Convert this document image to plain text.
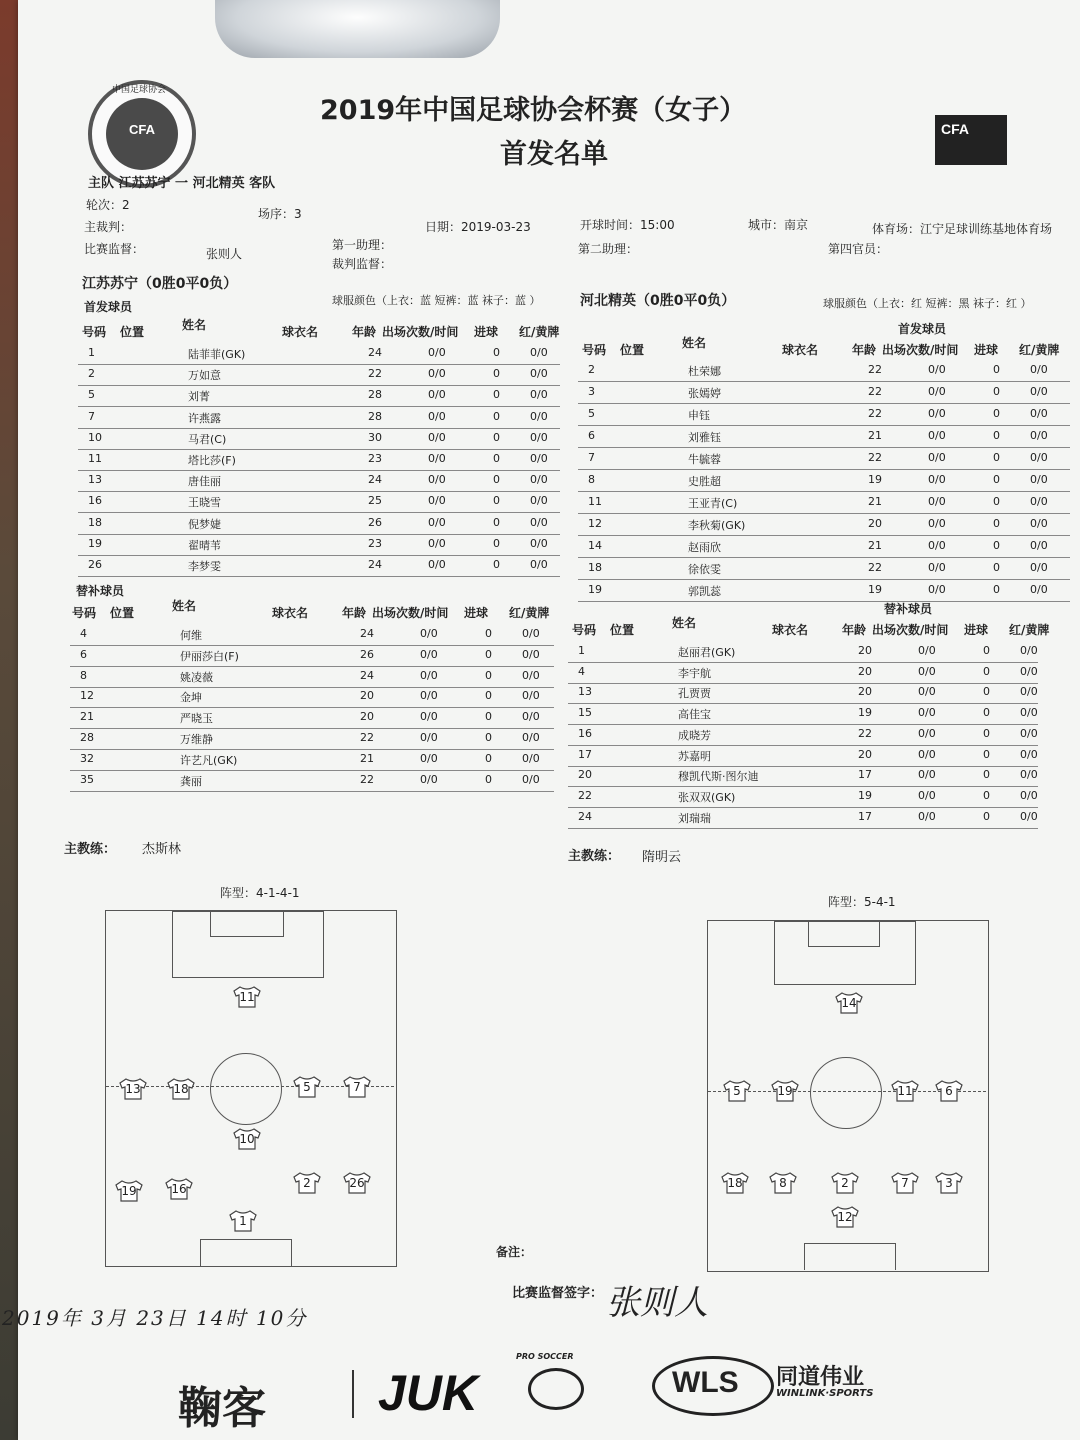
CFA
中国足球协会
CFA
2019年中国足球协会杯赛（女子）
首发名单
主队 江苏苏宁 一 河北精英 客队
轮次：2
场序：3
主裁判：	日期：2019-03-23	开球时间：15:00	城市：南京	体育场：江宁足球训练基地体育场
比赛监督：	张则人
第一助理：	第二助理：	第四官员：
裁判监督：
江苏苏宁（0胜0平0负）
球服颜色（上衣：蓝 短裤：蓝 袜子：蓝 ）
首发球员
号码 位置	姓名	球衣名	年龄 出场次数/时间 进球 红/黄牌
1	陆菲菲(GK)	24	0/0	0	0/0
2	万如意	22	0/0	0	0/0
5	刘菁	28	0/0	0	0/0
7	许燕露	28	0/0	0	0/0
10	马君(C)	30	0/0	0	0/0
11	塔比莎(F)	23	0/0	0	0/0
13	唐佳丽	24	0/0	0	0/0
16	王晓雪	25	0/0	0	0/0
18	倪梦婕	26	0/0	0	0/0
19	翟晴苇	23	0/0	0	0/0
26	李梦雯	24	0/0	0	0/0
替补球员
号码 位置	姓名	球衣名	年龄 出场次数/时间 进球 红/黄牌
4	何维	24	0/0	0	0/0
6	伊丽莎白(F)	26	0/0	0	0/0
8	姚凌薇	24	0/0	0	0/0
12	金坤	20	0/0	0	0/0
21	严晓玉	20	0/0	0	0/0
28	万维静	22	0/0	0	0/0
32	许艺凡(GK)	21	0/0	0	0/0
35	龚丽	22	0/0	0	0/0
河北精英（0胜0平0负）	球服颜色（上衣：红 短裤：黑 袜子：红 ）
首发球员
号码 位置	姓名	球衣名	年龄 出场次数/时间 进球 红/黄牌
2	杜荣娜	22	0/0	0	0/0
3	张嫣婷	22	0/0	0	0/0
5	申钰	22	0/0	0	0/0
6	刘雅钰	21	0/0	0	0/0
7	牛毓蓉	22	0/0	0	0/0
8	史胜超	19	0/0	0	0/0
11	王亚青(C)	21	0/0	0	0/0
12	李秋菊(GK)	20	0/0	0	0/0
14	赵雨欣	21	0/0	0	0/0
18	徐依雯	22	0/0	0	0/0
19	郭凯蕊	19	0/0	0	0/0
替补球员
号码 位置	姓名	球衣名	年龄 出场次数/时间 进球 红/黄牌
1	赵丽君(GK)	20	0/0	0	0/0
4	李宇航	20	0/0	0	0/0
13	孔贾贾	20	0/0	0	0/0
15	高佳宝	19	0/0	0	0/0
16	成晓芳	22	0/0	0	0/0
17	苏嘉明	20	0/0	0	0/0
20	穆凯代斯·图尔迪	17	0/0	0	0/0
22	张双双(GK)	19	0/0	0	0/0
24	刘瑞瑞	17	0/0	0	0/0
主教练： 杰斯林	主教练： 隋明云
阵型：4-1-4-1
阵型：5-4-1
11
13	18	5	7
10
19	16	2	26
1
14
5	19	11	6
18	8	2	7	3
12
备注：
比赛监督签字： 张则人
2019年 3月 23日 14时 10分
鞠客 JUK
PRO SOCCER
WLS 同道伟业
WINLINK·SPORTS
